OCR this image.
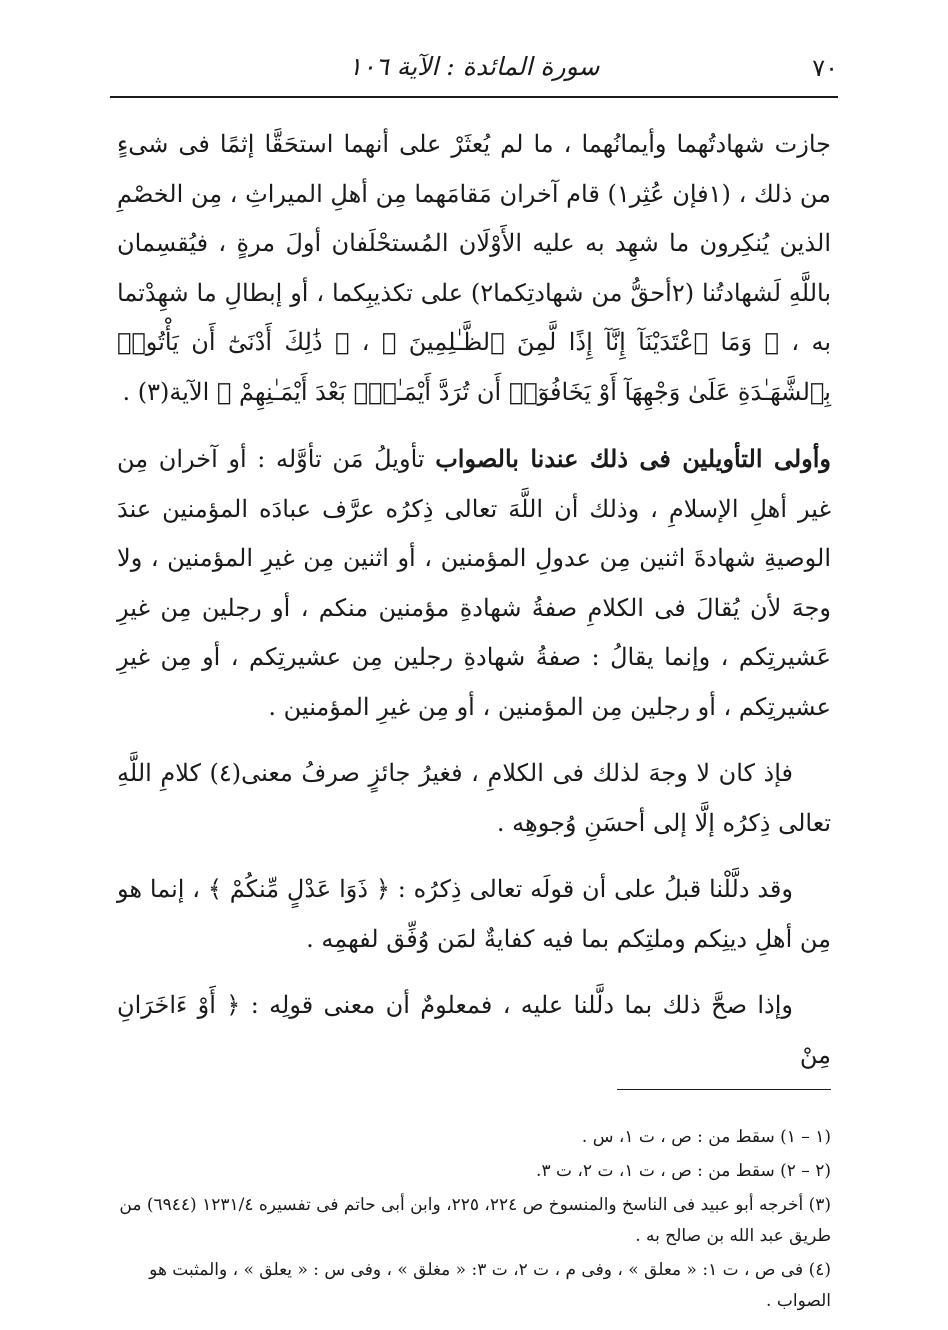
٧٠
سورة المائدة : الآية ١٠٦

جازت شهادتُهما وأيمانُهما ، ما لم يُعثَرْ على أنهما استحَقَّا إثمًا فى شىءٍ من ذلك ، (١فإن عُثِر١) قام آخران مَقامَهما مِن أهلِ الميراثِ ، مِن الخصْمِ الذين يُنكِرون ما شهِد به عليه الأَوْلَان المُستحْلَفان أولَ مرةٍ ، فيُقسِمان باللَّهِ لَشهادتُنا (٢أحقُّ من شهادتِكما٢) على تكذيبِكما ، أو إبطالِ ما شهِدْتما به ، ﴿ وَمَا ٱعْتَدَيْنَآ إِنَّآ إِذًا لَّمِنَ ٱلظَّـٰلِمِينَ ﴾ ، ﴿ ذَٰلِكَ أَدْنَىٰٓ أَن يَأْتُوا۟ بِٱلشَّهَـٰدَةِ عَلَىٰ وَجْهِهَآ أَوْ يَخَافُوٓا۟ أَن تُرَدَّ أَيْمَـٰنٌۢ بَعْدَ أَيْمَـٰنِهِمْ ﴾ الآية(٣) .

وأولى التأويلين فى ذلك عندنا بالصواب تأويلُ مَن تأوَّله : أو آخران مِن غير أهلِ الإسلامِ ، وذلك أن اللَّهَ تعالى ذِكرُه عرَّف عبادَه المؤمنين عندَ الوصيةِ شهادةَ اثنين مِن عدولِ المؤمنين ، أو اثنين مِن غيرِ المؤمنين ، ولا وجهَ لأن يُقالَ فى الكلامِ صفةُ شهادةِ مؤمنين منكم ، أو رجلين مِن غيرِ عَشيرتِكم ، وإنما يقالُ : صفةُ شهادةِ رجلين مِن عشيرتِكم ، أو مِن غيرِ عشيرتِكم ، أو رجلين مِن المؤمنين ، أو مِن غيرِ المؤمنين .

فإذ كان لا وجهَ لذلك فى الكلامِ ، فغيرُ جائزٍ صرفُ معنى(٤) كلامِ اللَّهِ تعالى ذِكرُه إلَّا إلى أحسَنِ وُجوهِه .

وقد دلَّلْنا قبلُ على أن قولَه تعالى ذِكرُه : ﴿ ذَوَا عَدْلٍ مِّنكُمْ ﴾ ، إنما هو مِن أهلِ دينِكم وملتِكم بما فيه كفايةٌ لمَن وُفِّق لفهمِه .

وإذا صحَّ ذلك بما دلَّلنا عليه ، فمعلومٌ أن معنى قولِه : ﴿ أَوْ ءَاخَرَانِ مِنْ

(١ – ١) سقط من : ص ، ت ١، س .

(٢ – ٢) سقط من : ص ، ت ١، ت ٢، ت ٣.

(٣) أخرجه أبو عبيد فى الناسخ والمنسوخ ص ٢٢٤، ٢٢٥، وابن أبى حاتم فى تفسيره ١٢٣١/٤ (٦٩٤٤) من طريق عبد الله بن صالح به .

(٤) فى ص ، ت ١: « معلق » ، وفى م ، ت ٢، ت ٣: « مغلق » ، وفى س : « يعلق » ، والمثبت هو الصواب .
